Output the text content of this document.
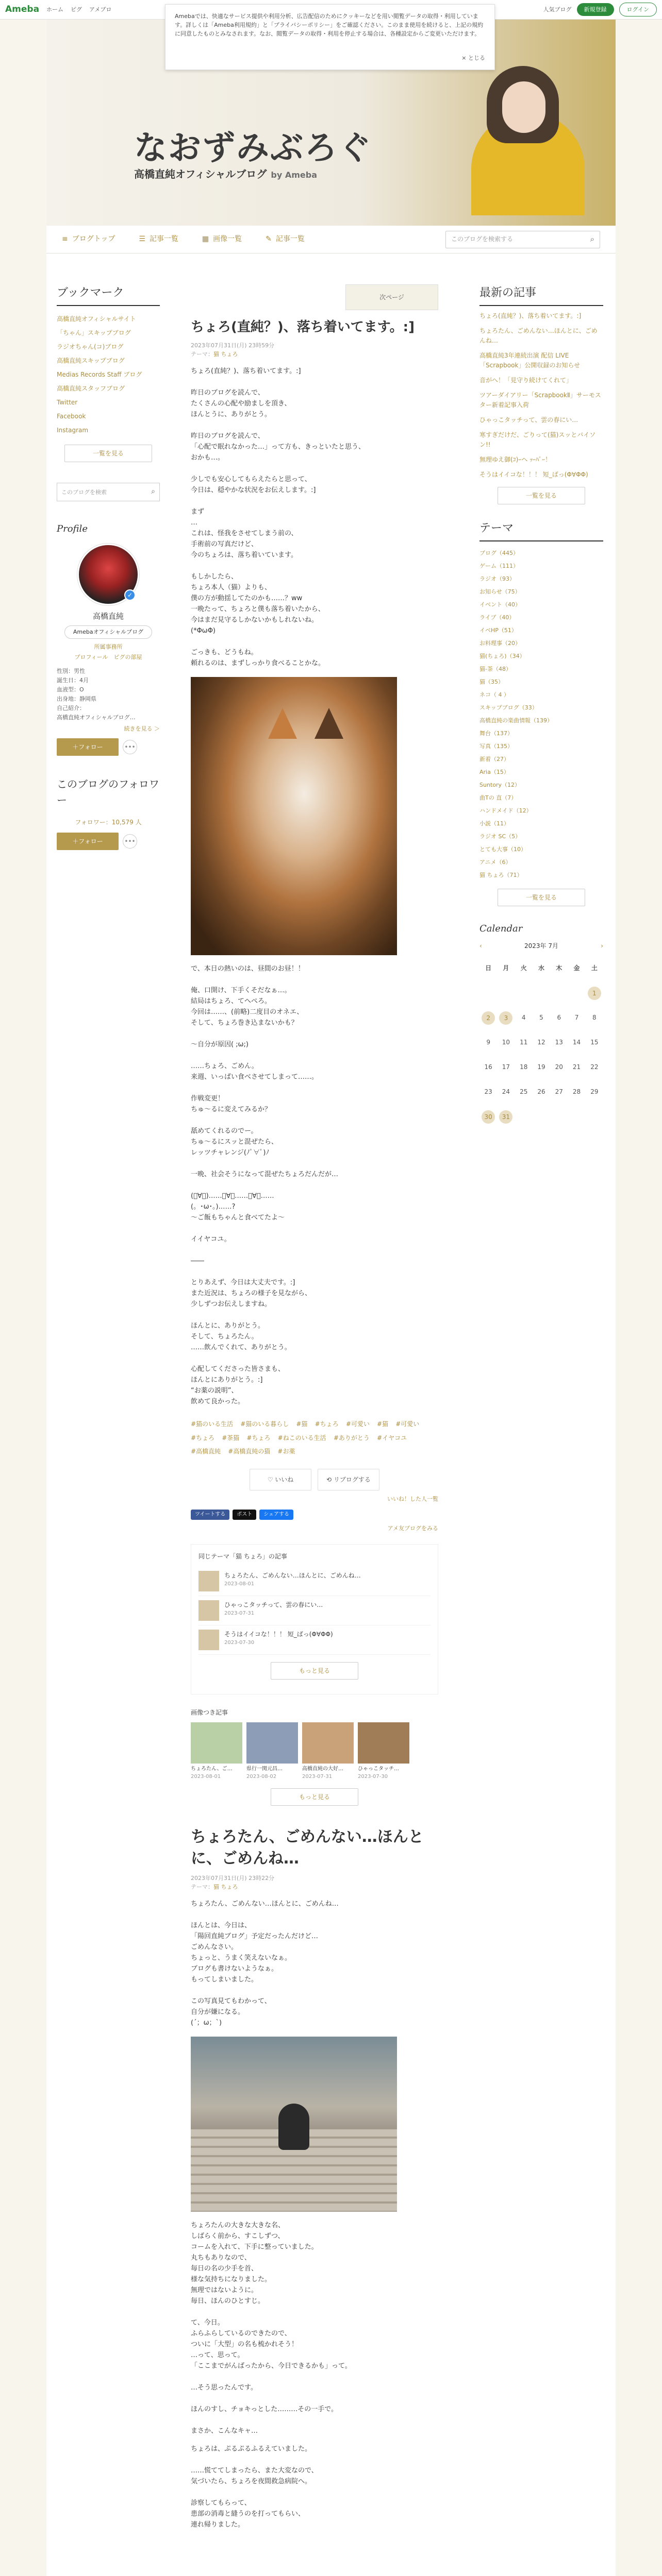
Ameba ホーム ピグ アメブロ	人気ブログ	新規登録	ログイン

Amebaでは、快適なサービス提供や利用分析、広告配信のためにクッキーなどを用い閲覧データの取得・利用しています。詳しくは「Ameba利用規約」と「プライバシーポリシー」をご確認ください。このまま使用を続けると、上記の規約に同意したものとみなされます。なお、閲覧データの取得・利用を停止する場合は、各種設定からご変更いただけます。

× とじる
なおずみぶろぐ
高橋直純オフィシャルブログ by Ameba
≡ ブログトップ	☰ 記事一覧	▦ 画像一覧	✎ 記事一覧	このブログを検索する	⌕
ブックマーク
高橋直純オフィシャルサイト
「ちゃん」スキップブログ
ラジオちゃん(コ)ブログ
高橋直純スキップブログ
Medias Records Staff ブログ
高橋直純スタッフブログ
Twitter
Facebook
Instagram
一覧を見る
このブログを検索	⌕
Profile
✓
高橋直純
Amebaオフィシャルブログ
所属事務所
プロフィール　 ピグの部屋
性別：男性
誕生日：4月
血液型：O
出身地：静岡県
自己紹介：
高橋直純オフィシャルブログ…
続きを見る ＞
＋フォロー	•••
このブログのフォロワー
フォロワー：10,579 人
＋フォロー	•••
次ページ
ちょろ(直純？)、落ち着いてます。:]
2023年07月31日(月) 23時59分
テーマ：猫 ちょろ
ちょろ(直純？)、落ち着いてます。:]

昨日のブログを読んで、
たくさんの心配や励ましを頂き、
ほんとうに、ありがとう。

昨日のブログを読んで、
「心配で眠れなかった…」って方も、きっといたと思う、
おかも…。

少しでも安心してもらえたらと思って、
今日は、穏やかな状況をお伝えします。:]

まず
…
これは、怪我をさせてしまう前の、
手術前の写真だけど、
今のちょろは、落ち着いています。

もしかしたら、
ちょろ本人（猫）よりも、
僕の方が動揺してたのかも……？ww
一晩たって、ちょろと僕も落ち着いたから、
今はまだ見守るしかないかもしれないね。
(*ΦωΦ)

ごっきも、どうもね。
頼れるのは、まずしっかり食べることかな。
で、本日の熱いのは、昼間のお昼！！

俺、口開け、下手くそだなぁ…。
結局はちょろ、てへぺろ。
今回は……、(前略)二度目のオネエ、
そして、ちょろ巻き込まないかも？

〜自分が原因( ;ω;)

……ちょろ、ごめん。
来週、いっぱい食べさせてしまって……。

作戦変更！
ちゅ〜るに変えてみるか？

舐めてくれるのでー。
ちゅ〜るにスッと混ぜたら、
レッツチャレンジ(ﾉﾟ∀ﾟ)ﾉ

一晩、社会そうになって混ぜたちょろだんだが…

(ﾟ∀ﾟ)……ﾟ∀ﾟ……ﾟ∀ﾟ……
(。･ω･。)……?
〜ご飯もちゃんと食べてたよ〜

イイヤコユ。

――

とりあえず、今日は大丈夫です。:]
また近況は、ちょろの様子を見ながら、
少しずつお伝えしますね。

ほんとに、ありがとう。
そして、ちょろたん。
……飲んでくれて、ありがとう。

心配してくださった皆さまも、
ほんとにありがとう。:]
“お薬の説明”、
飲めて良かった。
#猫のいる生活 #猫のいる暮らし #猫 #ちょろ #可愛い #猫 #可愛い #ちょろ #茶猫 #ちょろ #ねこのいる生活 #ありがとう #イヤコユ #高橋直純 #高橋直純の猫 #お薬
♡ いいね	⟲ リブログする
いいね！した人一覧
ツイートする	ポスト	シェアする
アメ友ブログをみる
同じテーマ「猫 ちょろ」の記事
ちょろたん、ごめんない…ほんとに、ごめんね…
2023-08-01
ひゃっこタッチって、雲の春にい…
2023-07-31
そうはイイコな！！！ 短_ばっ(Φ∀ΦΦ)
2023-07-30
もっと見る
画像つき記事
ちょろたん、ご…
2023-08-01
県行一関元昌…
2023-08-02
高橋直純の大好…
2023-07-31
ひゃっこタッチ…
2023-07-30
もっと見る
ちょろたん、ごめんない…ほんとに、ごめんね…
2023年07月31日(月) 23時22分
テーマ：猫 ちょろ
ちょろたん、ごめんない…ほんとに、ごめんね…

ほんとは、今日は、
「陽回直純ブログ」予定だったんだけど…
ごめんなさい。
ちょっと、うまく笑えないなぁ。
ブログも書けないようなぁ。
もってしまいました。

この写真見てもわかって、
自分が嫌になる。
(´；ω；`)
ちょろたんの大きな大きな名、
しばらく前から、すこしずつ、
コームを入れて、下手に整っていました。
丸ちもありなので、
毎日の名の少手を首、
様な気持ちになりました。
無理ではないように。
毎日、ほんのひとすじ。

て、今日。
ふらふらしているのできたので、
ついに「大型」の名も梳かれそう！
…って、思って。
「ここまでがんばったから、今日できるかも」って。

…そう思ったんです。

ほんのすし、チョキっとした………その一手で。

まさか、こんなキャ…
ちょろは、ぷるぷるふるえていました。

……慌ててしまったら、また大変なので、
気づいたら、ちょろを夜間救急病院へ。

診察してもらって、
患部の消毒と縫うのを打ってもらい、
連れ帰りました。
最新の記事
ちょろ(直純？)、落ち着いてます。:]
ちょろたん、ごめんない…ほんとに、ごめんね…
高橋直純3年連続出演 配信 LIVE「Scrapbook」公開収録のお知らせ
音がへ！「見守り続けてくれて」
ツアーダイアリー「ScrapbookⅡ」サーモスター新着記事入荷
ひゃっこタッチって、雲の春にい…
寒すぎだけだ、ごりって(猫)スッとバイソン!!
無理ゆえ御(ｺ)ｰヘ ｯｰﾊﾟｰ！
そうはイイコな！！！ 短_ばっ(Φ∀ΦΦ)
一覧を見る
テーマ
ブログ（445）
ゲーム（111）
ラジオ（93）
お知らせ（75）
イベント（40）
ライブ（40）
イベHP（51）
お料理事（20）
猫(ちょろ)（34）
猫-茶（48）
猫（35）
ネコ（ 4 ）
スキップブログ（33）
高橋直純の楽曲情報（139）
舞台（137）
写真（135）
新着（27）
Aria（15）
Suntory（12）
曲Tの 直（7）
ハンドメイド（12）
小説（11）
ラジオ SC（5）
とても大事（10）
アニメ（6）
猫 ちょろ（71）
一覧を見る
Calendar
‹	2023年 7月	›
日	月	火	水	木	金	土
						1
2	3	4	5	6	7	8
9	10	11	12	13	14	15
16	17	18	19	20	21	22
23	24	25	26	27	28	29
30	31					
